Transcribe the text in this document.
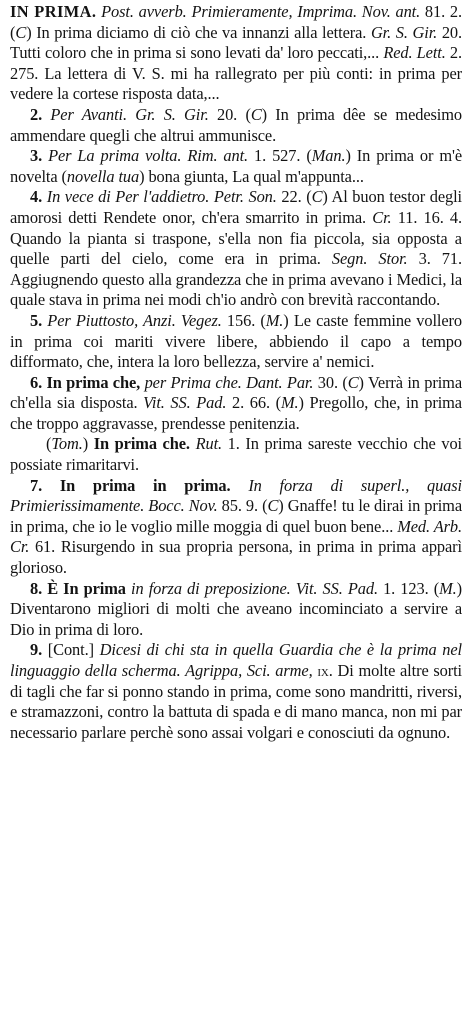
IN PRIMA. Post. avverb. Primieramente, Imprima. Nov. ant. 81. 2. (C) In prima diciamo di ciò che va innanzi alla lettera. Gr. S. Gir. 20. Tutti coloro che in prima si sono levati da' loro peccati,... Red. Lett. 2. 275. La lettera di V. S. mi ha rallegrato per più conti: in prima per vedere la cortese risposta data,...

2. Per Avanti. Gr. S. Gir. 20. (C) In prima dêe se medesimo ammendare quegli che altrui ammunisce.

3. Per La prima volta. Rim. ant. 1. 527. (Man.) In prima or m'è novelta (novella tua) bona giunta, La qual m'appunta...

4. In vece di Per l'addietro. Petr. Son. 22. (C) Al buon testor degli amorosi detti Rendete onor, ch'era smarrito in prima. Cr. 11. 16. 4. Quando la pianta si traspone, s'ella non fia piccola, sia opposta a quelle parti del cielo, come era in prima. Segn. Stor. 3. 71. Aggiugnendo questo alla grandezza che in prima avevano i Medici, la quale stava in prima nei modi ch'io andrò con brevità raccontando.

5. Per Piuttosto, Anzi. Vegez. 156. (M.) Le caste femmine vollero in prima coi mariti vivere libere, abbiendo il capo a tempo difformato, che, intera la loro bellezza, servire a' nemici.

6. In prima che, per Prima che. Dant. Par. 30. (C) Verrà in prima ch'ella sia disposta. Vit. SS. Pad. 2. 66. (M.) Pregollo, che, in prima che troppo aggravasse, prendesse penitenzia.

(Tom.) In prima che. Rut. 1. In prima sareste vecchio che voi possiate rimaritarvi.

7. In prima in prima. In forza di superl., quasi Primierissimamente. Bocc. Nov. 85. 9. (C) Gnaffe! tu le dirai in prima in prima, che io le voglio mille moggia di quel buon bene... Med. Arb. Cr. 61. Risurgendo in sua propria persona, in prima in prima apparì glorioso.

8. È In prima in forza di preposizione. Vit. SS. Pad. 1. 123. (M.) Diventarono migliori di molti che aveano incominciato a servire a Dio in prima di loro.

9. [Cont.] Dicesi di chi sta in quella Guardia che è la prima nel linguaggio della scherma. Agrippa, Sci. arme, ix. Di molte altre sorti di tagli che far si ponno stando in prima, come sono mandritti, riversi, e stramazzoni, contro la battuta di spada e di mano manca, non mi par necessario parlare perchè sono assai volgari e conosciuti da ognuno.
